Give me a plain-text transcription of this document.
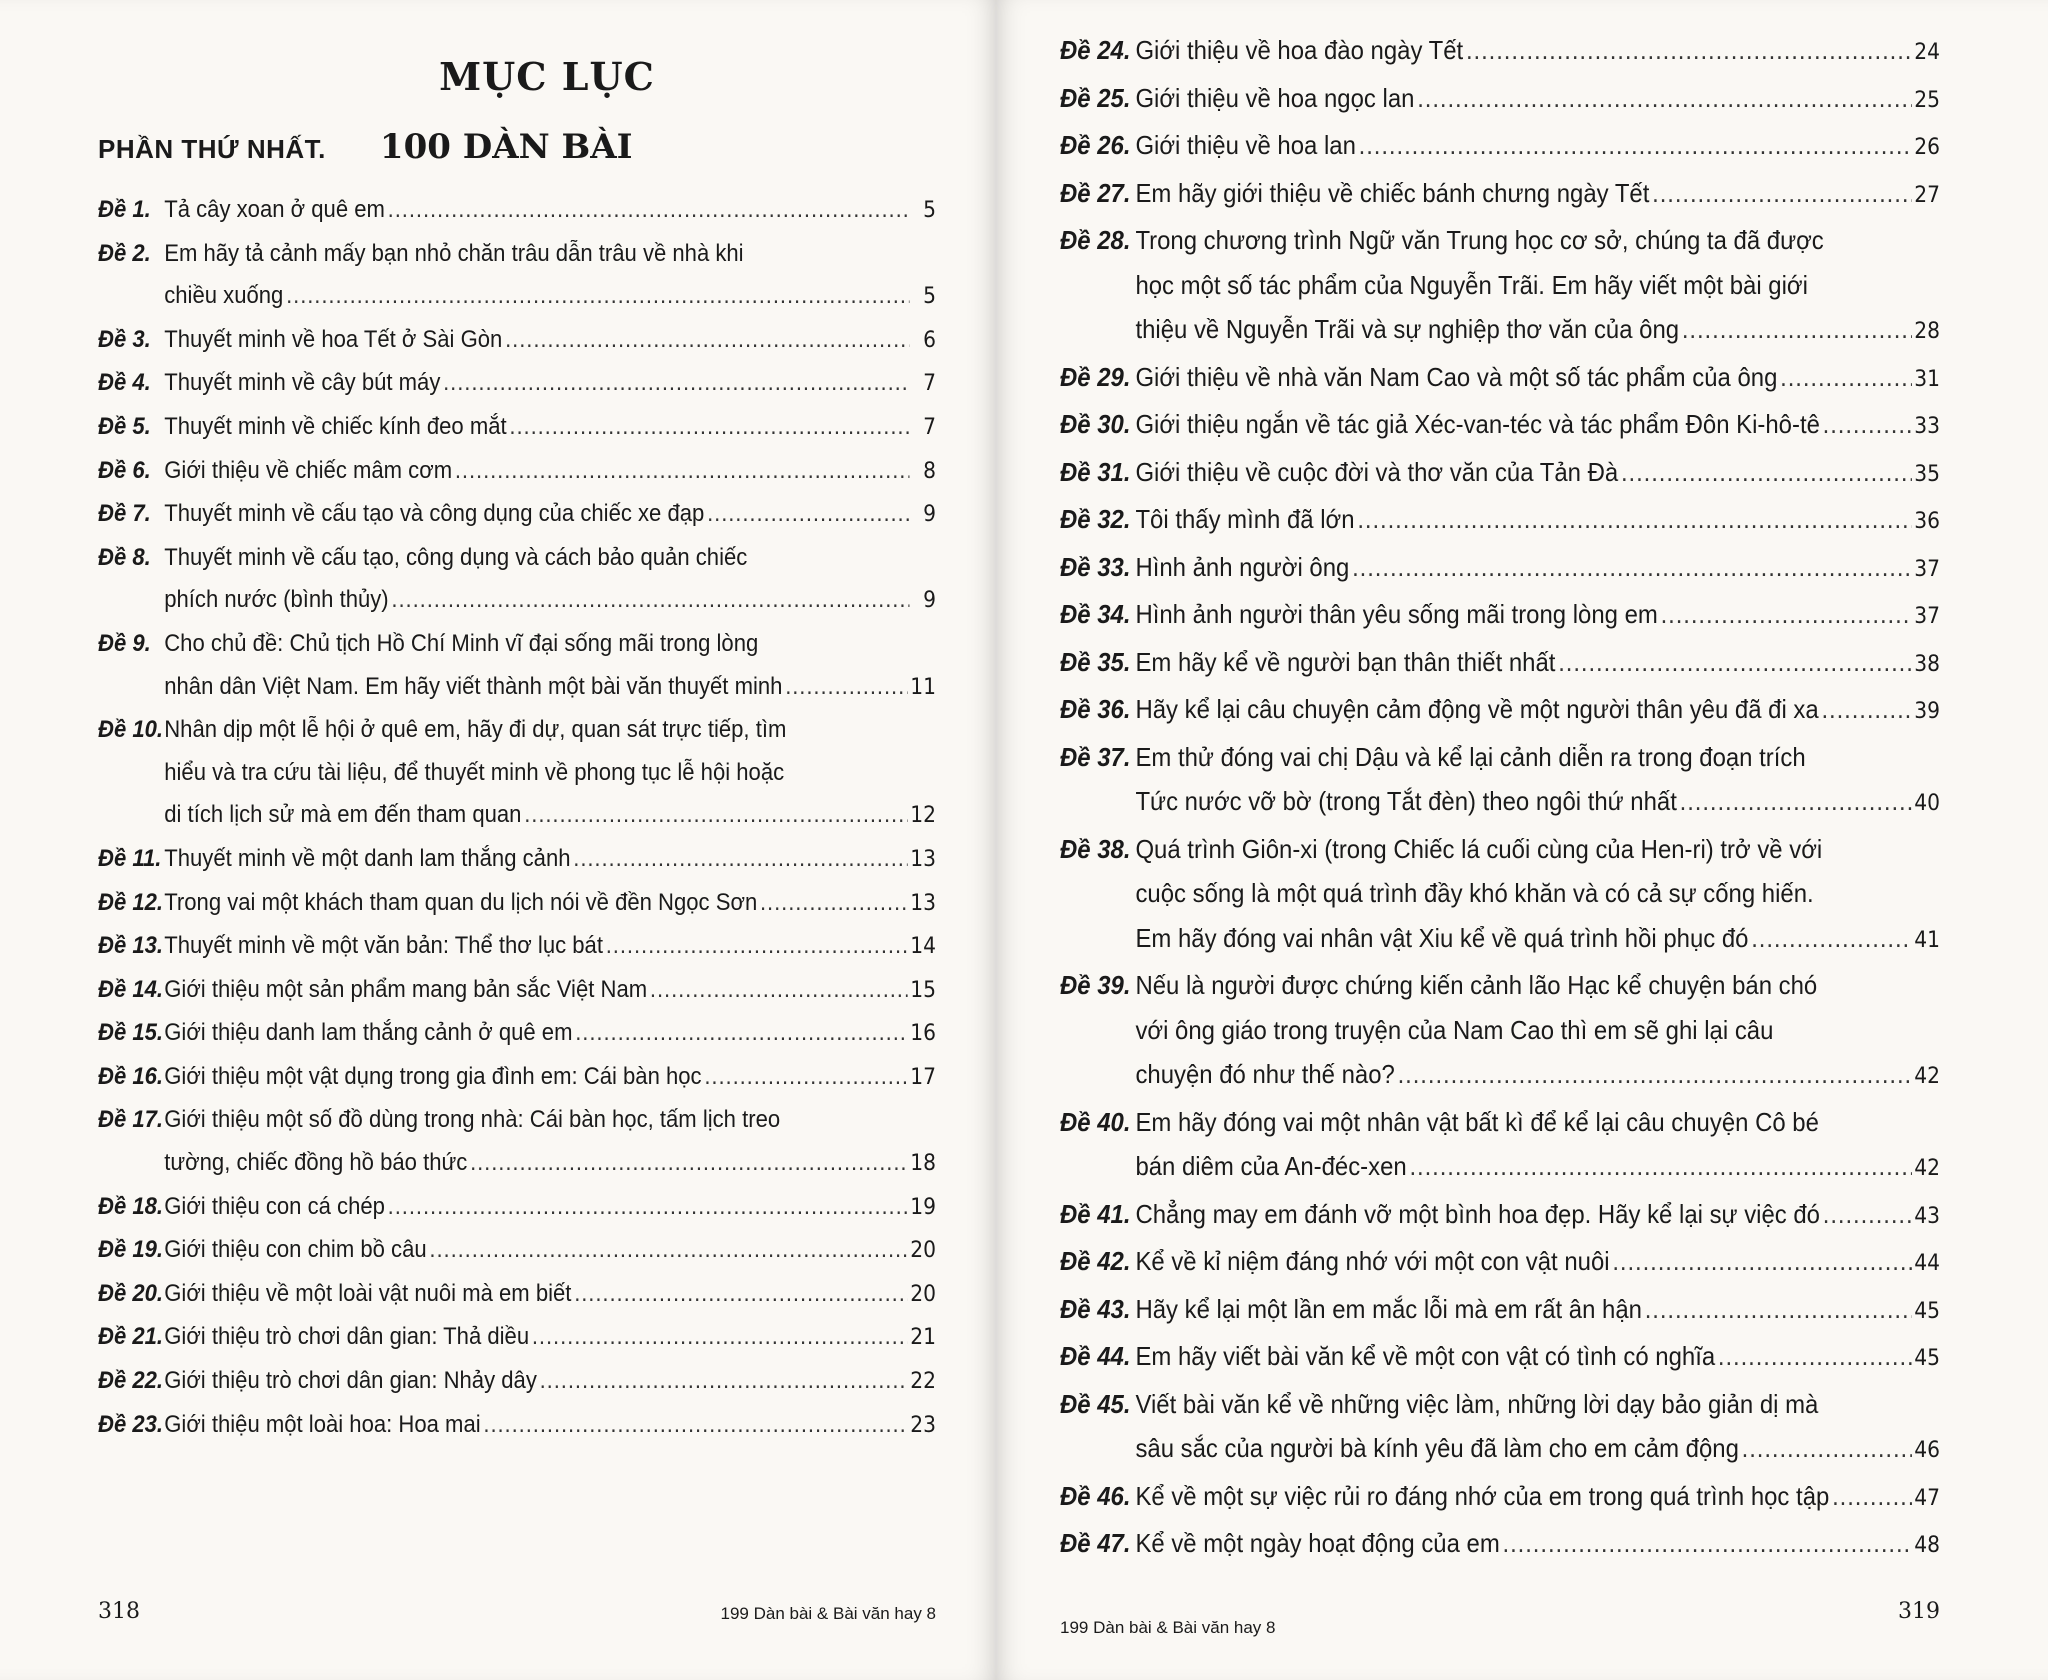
MỤC LỤC
PHẦN THỨ NHẤT. 100 DÀN BÀI
Đề 1. Tả cây xoan ở quê em .....	5
Đề 2. Em hãy tả cảnh mấy bạn nhỏ chăn trâu dẫn trâu về nhà khi
chiều xuống .....	5
Đề 3. Thuyết minh về hoa Tết ở Sài Gòn .....	6
Đề 4. Thuyết minh về cây bút máy .....	7
Đề 5. Thuyết minh về chiếc kính đeo mắt .....	7
Đề 6. Giới thiệu về chiếc mâm cơm .....	8
Đề 7. Thuyết minh về cấu tạo và công dụng của chiếc xe đạp .....	9
Đề 8. Thuyết minh về cấu tạo, công dụng và cách bảo quản chiếc
phích nước (bình thủy) .....	9
Đề 9. Cho chủ đề: Chủ tịch Hồ Chí Minh vĩ đại sống mãi trong lòng
nhân dân Việt Nam. Em hãy viết thành một bài văn thuyết minh .....	11
Đề 10. Nhân dịp một lễ hội ở quê em, hãy đi dự, quan sát trực tiếp, tìm
hiểu và tra cứu tài liệu, để thuyết minh về phong tục lễ hội hoặc
di tích lịch sử mà em đến tham quan .....	12
Đề 11. Thuyết minh về một danh lam thắng cảnh .....	13
Đề 12. Trong vai một khách tham quan du lịch nói về đền Ngọc Sơn .....	13
Đề 13. Thuyết minh về một văn bản: Thể thơ lục bát .....	14
Đề 14. Giới thiệu một sản phẩm mang bản sắc Việt Nam .....	15
Đề 15. Giới thiệu danh lam thắng cảnh ở quê em .....	16
Đề 16. Giới thiệu một vật dụng trong gia đình em: Cái bàn học .....	17
Đề 17. Giới thiệu một số đồ dùng trong nhà: Cái bàn học, tấm lịch treo
tường, chiếc đồng hồ báo thức .....	18
Đề 18. Giới thiệu con cá chép .....	19
Đề 19. Giới thiệu con chim bồ câu .....	20
Đề 20. Giới thiệu về một loài vật nuôi mà em biết .....	20
Đề 21. Giới thiệu trò chơi dân gian: Thả diều .....	21
Đề 22. Giới thiệu trò chơi dân gian: Nhảy dây .....	22
Đề 23. Giới thiệu một loài hoa: Hoa mai .....	23
318	199 Dàn bài & Bài văn hay 8
Đề 24. Giới thiệu về hoa đào ngày Tết .....	24
Đề 25. Giới thiệu về hoa ngọc lan .....	25
Đề 26. Giới thiệu về hoa lan .....	26
Đề 27. Em hãy giới thiệu về chiếc bánh chưng ngày Tết .....	27
Đề 28. Trong chương trình Ngữ văn Trung học cơ sở, chúng ta đã được
học một số tác phẩm của Nguyễn Trãi. Em hãy viết một bài giới
thiệu về Nguyễn Trãi và sự nghiệp thơ văn của ông .....	28
Đề 29. Giới thiệu về nhà văn Nam Cao và một số tác phẩm của ông .....	31
Đề 30. Giới thiệu ngắn về tác giả Xéc-van-téc và tác phẩm Đôn Ki-hô-tê .....	33
Đề 31. Giới thiệu về cuộc đời và thơ văn của Tản Đà .....	35
Đề 32. Tôi thấy mình đã lớn .....	36
Đề 33. Hình ảnh người ông .....	37
Đề 34. Hình ảnh người thân yêu sống mãi trong lòng em .....	37
Đề 35. Em hãy kể về người bạn thân thiết nhất .....	38
Đề 36. Hãy kể lại câu chuyện cảm động về một người thân yêu đã đi xa .....	39
Đề 37. Em thử đóng vai chị Dậu và kể lại cảnh diễn ra trong đoạn trích
Tức nước vỡ bờ (trong Tắt đèn) theo ngôi thứ nhất .....	40
Đề 38. Quá trình Giôn-xi (trong Chiếc lá cuối cùng của Hen-ri) trở về với
cuộc sống là một quá trình đầy khó khăn và có cả sự cống hiến.
Em hãy đóng vai nhân vật Xiu kể về quá trình hồi phục đó .....	41
Đề 39. Nếu là người được chứng kiến cảnh lão Hạc kể chuyện bán chó
với ông giáo trong truyện của Nam Cao thì em sẽ ghi lại câu
chuyện đó như thế nào? .....	42
Đề 40. Em hãy đóng vai một nhân vật bất kì để kể lại câu chuyện Cô bé
bán diêm của An-đéc-xen .....	42
Đề 41. Chẳng may em đánh vỡ một bình hoa đẹp. Hãy kể lại sự việc đó .....	43
Đề 42. Kể về kỉ niệm đáng nhớ với một con vật nuôi .....	44
Đề 43. Hãy kể lại một lần em mắc lỗi mà em rất ân hận .....	45
Đề 44. Em hãy viết bài văn kể về một con vật có tình có nghĩa .....	45
Đề 45. Viết bài văn kể về những việc làm, những lời dạy bảo giản dị mà
sâu sắc của người bà kính yêu đã làm cho em cảm động .....	46
Đề 46. Kể về một sự việc rủi ro đáng nhớ của em trong quá trình học tập .....	47
Đề 47. Kể về một ngày hoạt động của em .....	48
199 Dàn bài & Bài văn hay 8
319
